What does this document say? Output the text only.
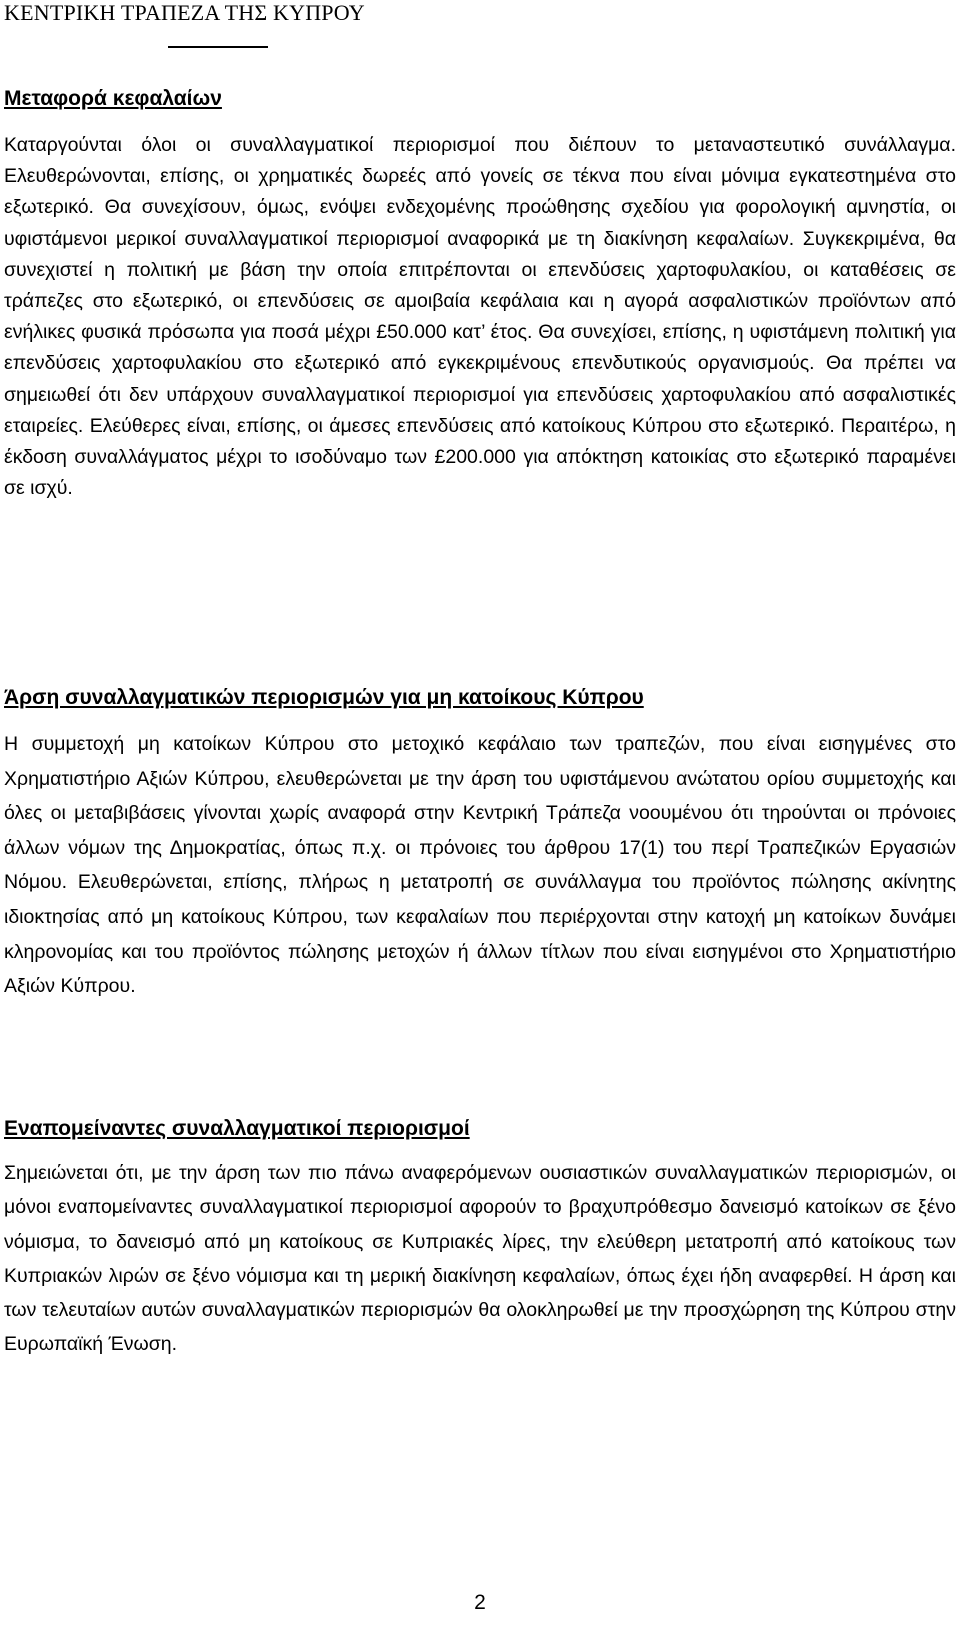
ΚΕΝΤΡΙΚΗ ΤΡΑΠΕΖΑ ΤΗΣ ΚΥΠΡΟΥ
Μεταφορά κεφαλαίων

Καταργούνται όλοι οι συναλλαγματικοί περιορισμοί που διέπουν το μεταναστευτικό συνάλλαγμα. Ελευθερώνονται, επίσης, οι χρηματικές δωρεές από γονείς σε τέκνα που είναι μόνιμα εγκατεστημένα στο εξωτερικό. Θα συνεχίσουν, όμως, ενόψει ενδεχομένης προώθησης σχεδίου για φορολογική αμνηστία, οι υφιστάμενοι μερικοί συναλλαγματικοί περιορισμοί αναφορικά με τη διακίνηση κεφαλαίων. Συγκεκριμένα, θα συνεχιστεί η πολιτική με βάση την οποία επιτρέπονται οι επενδύσεις χαρτοφυλακίου, οι καταθέσεις σε τράπεζες στο εξωτερικό, οι επενδύσεις σε αμοιβαία κεφάλαια και η αγορά ασφαλιστικών προϊόντων από ενήλικες φυσικά πρόσωπα για ποσά μέχρι £50.000 κατ’ έτος. Θα συνεχίσει, επίσης, η υφιστάμενη πολιτική για επενδύσεις χαρτοφυλακίου στο εξωτερικό από εγκεκριμένους επενδυτικούς οργανισμούς. Θα πρέπει να σημειωθεί ότι δεν υπάρχουν συναλλαγματικοί περιορισμοί για επενδύσεις χαρτοφυλακίου από ασφαλιστικές εταιρείες. Ελεύθερες είναι, επίσης, οι άμεσες επενδύσεις από κατοίκους Κύπρου στο εξωτερικό. Περαιτέρω, η έκδοση συναλλάγματος μέχρι το ισοδύναμο των £200.000 για απόκτηση κατοικίας στο εξωτερικό παραμένει σε ισχύ.

Άρση συναλλαγματικών περιορισμών για μη κατοίκους Κύπρου

Η συμμετοχή μη κατοίκων Κύπρου στο μετοχικό κεφάλαιο των τραπεζών, που είναι εισηγμένες στο Χρηματιστήριο Αξιών Κύπρου, ελευθερώνεται με την άρση του υφιστάμενου ανώτατου ορίου συμμετοχής και όλες οι μεταβιβάσεις γίνονται χωρίς αναφορά στην Κεντρική Τράπεζα νοουμένου ότι τηρούνται οι πρόνοιες άλλων νόμων της Δημοκρατίας, όπως π.χ. οι πρόνοιες του άρθρου 17(1) του περί Τραπεζικών Εργασιών Νόμου. Ελευθερώνεται, επίσης, πλήρως η μετατροπή σε συνάλλαγμα του προϊόντος πώλησης ακίνητης ιδιοκτησίας από μη κατοίκους Κύπρου, των κεφαλαίων που περιέρχονται στην κατοχή μη κατοίκων δυνάμει κληρονομίας και του προϊόντος πώλησης μετοχών ή άλλων τίτλων που είναι εισηγμένοι στο Χρηματιστήριο Αξιών Κύπρου.

Εναπομείναντες συναλλαγματικοί περιορισμοί

Σημειώνεται ότι, με την άρση των πιο πάνω αναφερόμενων ουσιαστικών συναλλαγματικών περιορισμών, οι μόνοι εναπομείναντες συναλλαγματικοί περιορισμοί αφορούν το βραχυπρόθεσμο δανεισμό κατοίκων σε ξένο νόμισμα, το δανεισμό από μη κατοίκους σε Κυπριακές λίρες, την ελεύθερη μετατροπή από κατοίκους των Κυπριακών λιρών σε ξένο νόμισμα και τη μερική διακίνηση κεφαλαίων, όπως έχει ήδη αναφερθεί. Η άρση και των τελευταίων αυτών συναλλαγματικών περιορισμών θα ολοκληρωθεί με την προσχώρηση της Κύπρου στην Ευρωπαϊκή Ένωση.

2
